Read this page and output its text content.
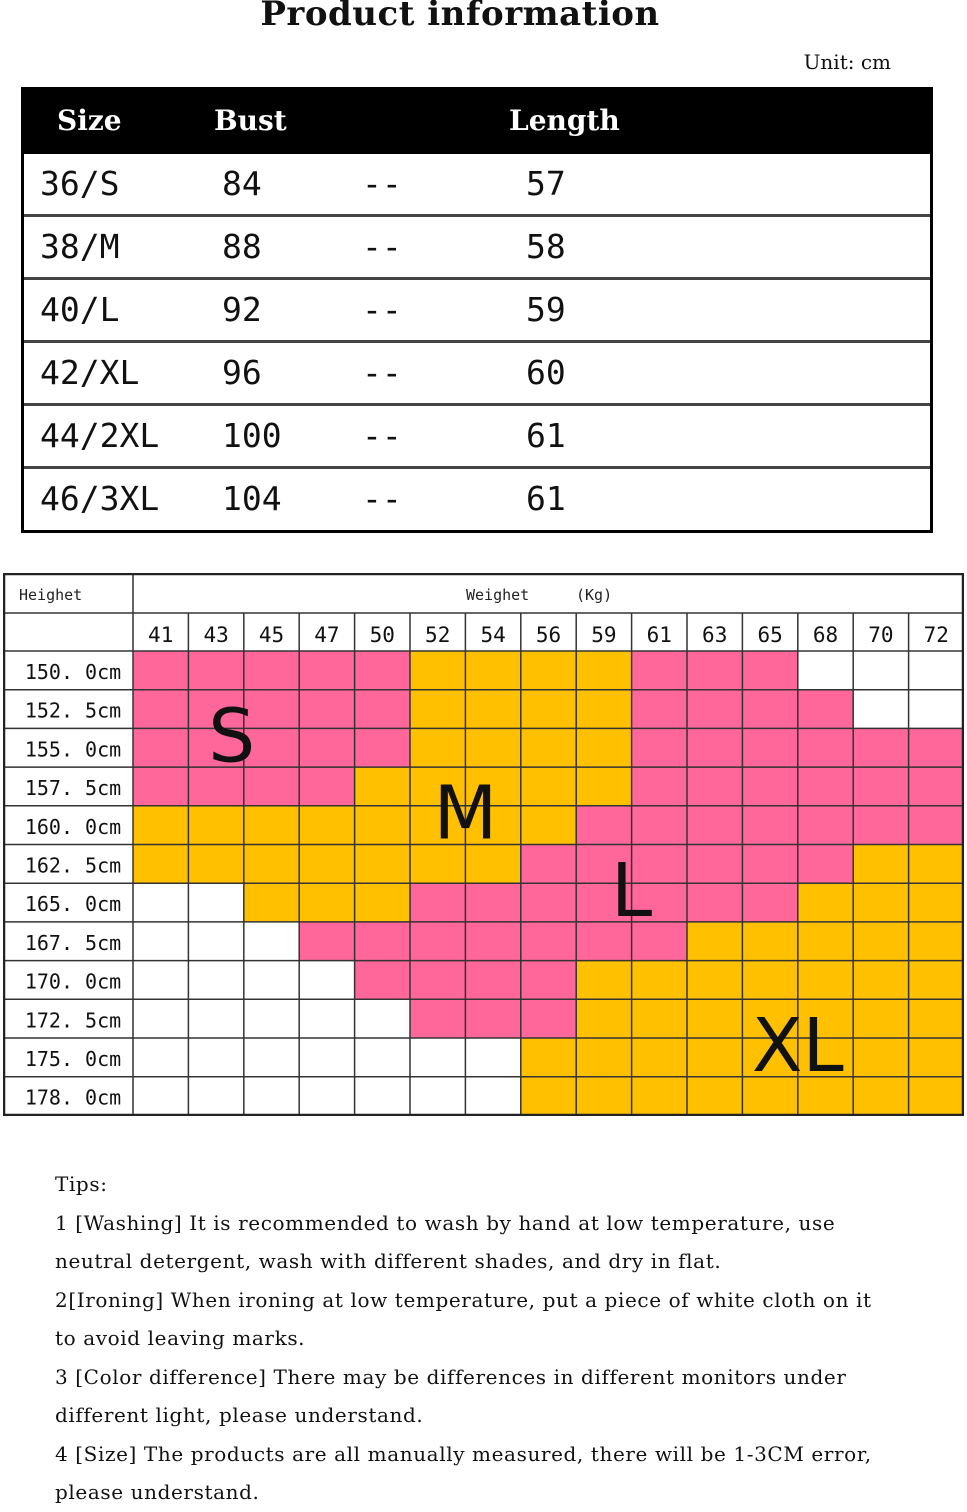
Product information
Unit: cm
Size	Bust	Length
36/S	84	--	57
38/M	88	--	58
40/L	92	--	59
42/XL	96	--	60
44/2XL 100 --	61
46/3XL 104 --	61
Heighet	Weighet	(Kg)
41 43 45 47 50 52 54 56 59 61 63 65 68 70 72
150. 0cm
152. 5cm
155. 0cm
157. 5cm
160. 0cm
162. 5cm
165. 0cm
167. 5cm
170. 0cm
172. 5cm
175. 0cm
178. 0cm
S
M
L
XL

Tips:

1 [Washing] It is recommended to wash by hand at low temperature, use

neutral detergent, wash with different shades, and dry in flat.

2[Ironing] When ironing at low temperature, put a piece of white cloth on it

to avoid leaving marks.

3 [Color difference] There may be differences in different monitors under

different light, please understand.

4 [Size] The products are all manually measured, there will be 1-3CM error,

please understand.
